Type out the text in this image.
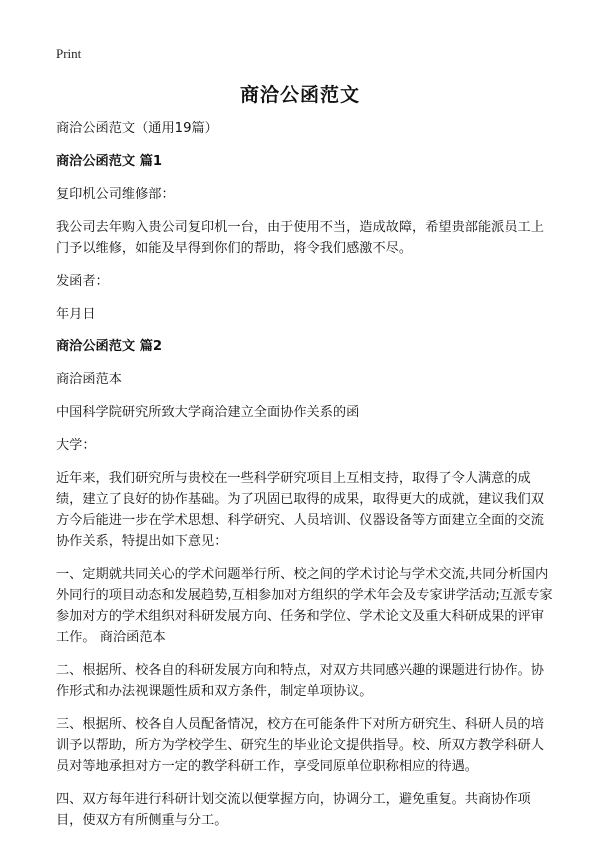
Print
商洽公函范文

商洽公函范文（通用19篇）

商洽公函范文 篇1

复印机公司维修部：

我公司去年购入贵公司复印机一台，由于使用不当，造成故障，希望贵部能派员工上门予以维修，如能及早得到你们的帮助，将令我们感激不尽。

发函者：

年月日

商洽公函范文 篇2

商洽函范本

中国科学院研究所致大学商洽建立全面协作关系的函

大学：

近年来，我们研究所与贵校在一些科学研究项目上互相支持，取得了令人满意的成绩，建立了良好的协作基础。为了巩固已取得的成果，取得更大的成就，建议我们双方今后能进一步在学术思想、科学研究、人员培训、仪器设备等方面建立全面的交流协作关系，特提出如下意见：

一、定期就共同关心的学术问题举行所、校之间的学术讨论与学术交流,共同分析国内外同行的项目动态和发展趋势,互相参加对方组织的学术年会及专家讲学活动;互派专家参加对方的学术组织对科研发展方向、任务和学位、学术论文及重大科研成果的评审工作。 商洽函范本

二、根据所、校各自的科研发展方向和特点，对双方共同感兴趣的课题进行协作。协作形式和办法视课题性质和双方条件，制定单项协议。

三、根据所、校各自人员配备情况，校方在可能条件下对所方研究生、科研人员的培训予以帮助，所方为学校学生、研究生的毕业论文提供指导。校、所双方教学科研人员对等地承担对方一定的教学科研工作，享受同原单位职称相应的待遇。

四、双方每年进行科研计划交流以便掌握方向，协调分工，避免重复。共商协作项目，使双方有所侧重与分工。
